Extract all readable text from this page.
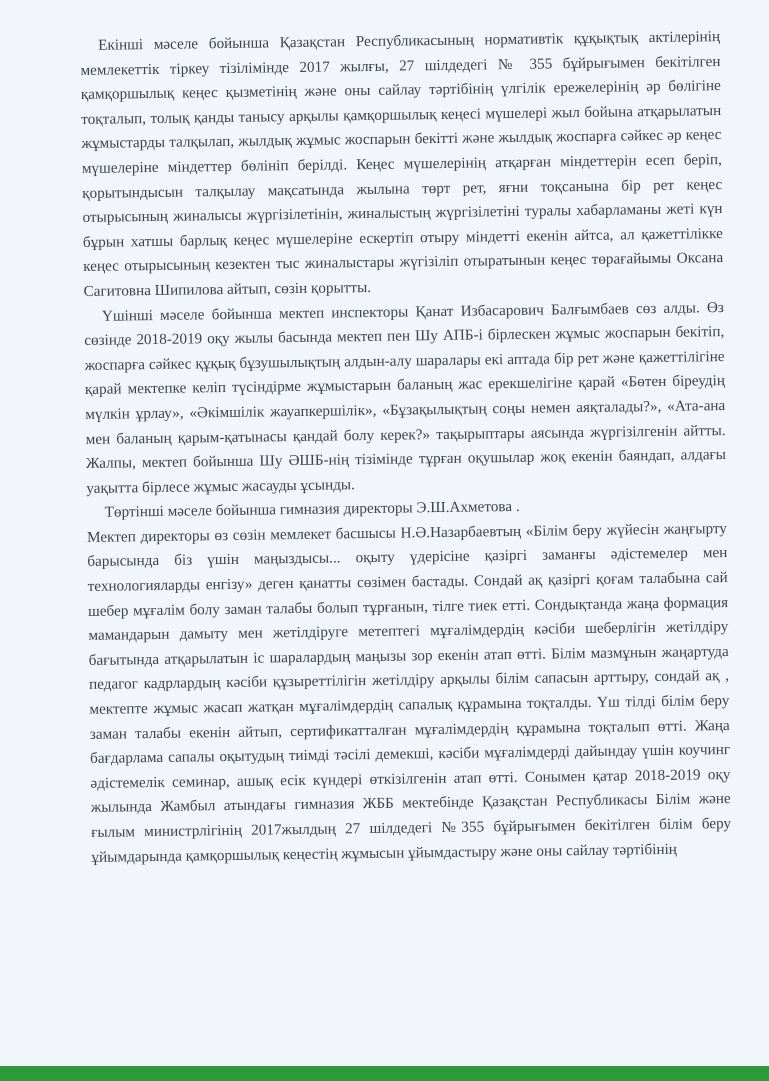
Екінші мәселе бойынша Қазақстан Республикасының нормативтік құқықтық актілерінің мемлекеттік тіркеу тізілімінде 2017 жылғы, 27 шілдедегі № 355 бұйрығымен бекітілген қамқоршылық кеңес қызметінің және оны сайлау тәртібінің үлгілік ережелерінің әр бөлігіне тоқталып, толық қанды танысу арқылы қамқоршылық кеңесі мүшелері жыл бойына атқарылатын жұмыстарды талқылап, жылдық жұмыс жоспарын бекітті және жылдық жоспарға сәйкес әр кеңес мүшелеріне міндеттер бөлініп берілді. Кеңес мүшелерінің атқарған міндеттерін есеп беріп, қорытындысын талқылау мақсатында жылына төрт рет, яғни тоқсанына бір рет кеңес отырысының жиналысы жүргізілетінін, жиналыстың жүргізілетіні туралы хабарламаны жеті күн бұрын хатшы барлық кеңес мүшелеріне ескертіп отыру міндетті екенін айтса, ал қажеттілікке кеңес отырысының кезектен тыс жиналыстары жүгізіліп отыратынын кеңес төрағайымы Оксана Сагитовна Шипилова айтып, сөзін қорытты.

Үшінші мәселе бойынша мектеп инспекторы Қанат Избасарович Балғымбаев сөз алды. Өз сөзінде 2018-2019 оқу жылы басында мектеп пен Шу АПБ-і бірлескен жұмыс жоспарын бекітіп, жоспарға сәйкес құқық бұзушылықтың алдын-алу шаралары екі аптада бір рет және қажеттілігіне қарай мектепке келіп түсіндірме жұмыстарын баланың жас ерекшелігіне қарай «Бөтен біреудің мүлкін ұрлау», «Әкімшілік жауапкершілік», «Бұзақылықтың соңы немен аяқталады?», «Ата-ана мен баланың қарым-қатынасы қандай болу керек?» тақырыптары аясында жүргізілгенін айтты. Жалпы, мектеп бойынша Шу ӘШБ-нің тізімінде тұрған оқушылар жоқ екенін баяндап, алдағы уақытта бірлесе жұмыс жасауды ұсынды.

Төртінші мәселе бойынша гимназия директоры Э.Ш.Ахметова .

Мектеп директоры өз сөзін мемлекет басшысы Н.Ә.Назарбаевтың «Білім беру жүйесін жаңғырту барысында біз үшін маңыздысы... оқыту үдерісіне қазіргі заманғы әдістемелер мен технологияларды енгізу» деген қанатты сөзімен бастады. Сондай ақ қазіргі қоғам талабына сай шебер мұғалім болу заман талабы болып тұрғанын, тілге тиек етті. Сондықтанда жаңа формация мамандарын дамыту мен жетілдіруге метептегі мұғалімдердің кәсіби шеберлігін жетілдіру бағытында атқарылатын іс шаралардың маңызы зор екенін атап өтті. Білім мазмұнын жаңартуда педагог кадрлардың кәсіби құзыреттілігін жетілдіру арқылы білім сапасын арттыру, сондай ақ , мектепте жұмыс жасап жатқан мұғалімдердің сапалық құрамына тоқталды. Үш тілді білім беру заман талабы екенін айтып, сертификатталған мұғалімдердің құрамына тоқталып өтті. Жаңа бағдарлама сапалы оқытудың тиімді тәсілі демекші, кәсіби мұғалімдерді дайындау үшін коучинг әдістемелік семинар, ашық есік күндері өткізілгенін атап өтті. Сонымен қатар 2018-2019 оқу жылында Жамбыл атындағы гимназия ЖББ мектебінде Қазақстан Республикасы Білім және ғылым министрлігінің 2017жылдың 27 шілдедегі №355 бұйрығымен бекітілген білім беру ұйымдарында қамқоршылық кеңестің жұмысын ұйымдастыру және оны сайлау тәртібінің
